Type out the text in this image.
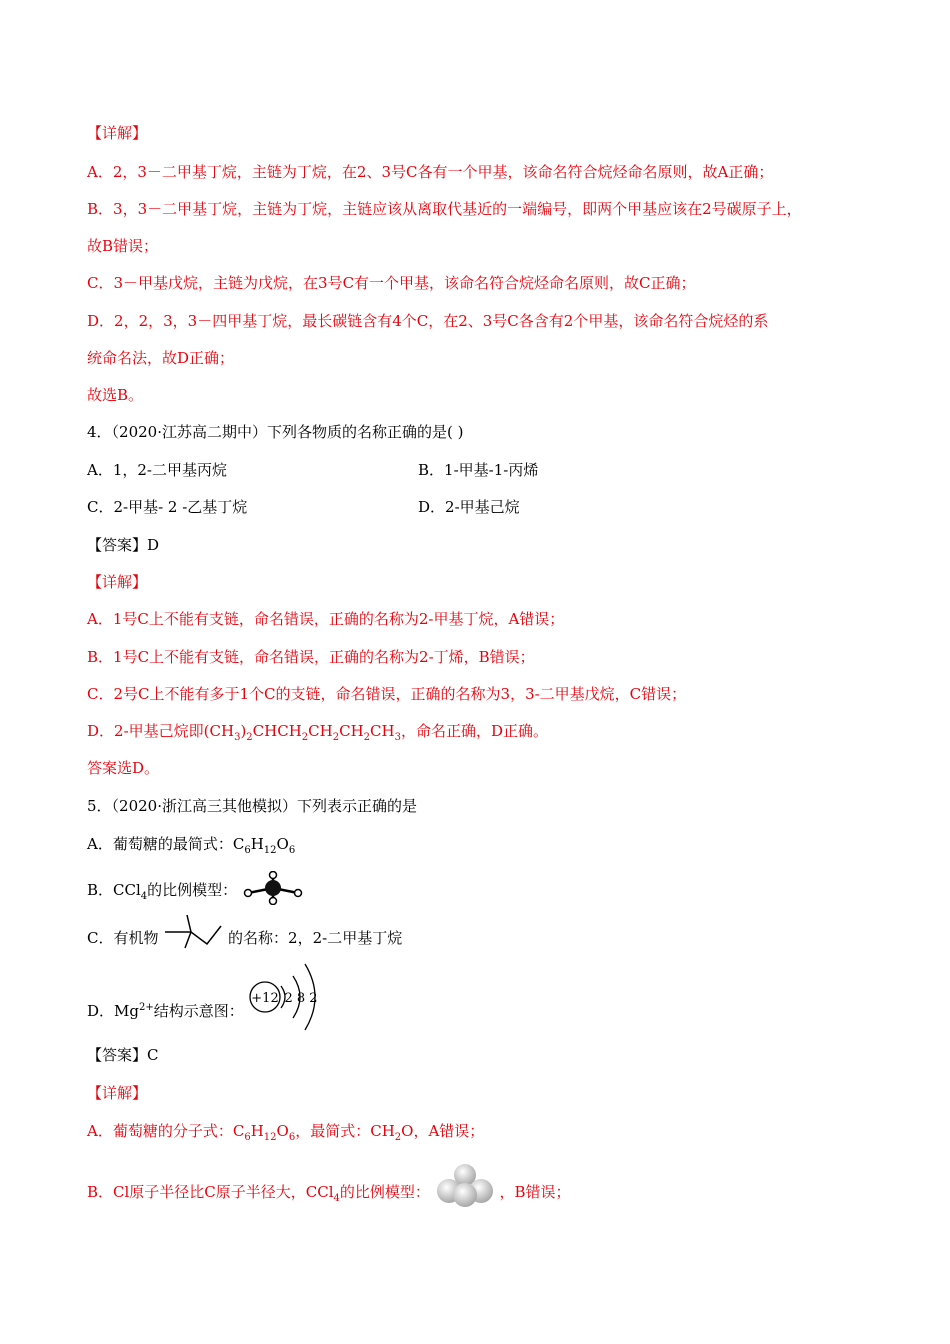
【详解】
A．2，3－二甲基丁烷，主链为丁烷，在2、3号C各有一个甲基，该命名符合烷烃命名原则，故A正确；
B．3，3－二甲基丁烷，主链为丁烷，主链应该从离取代基近的一端编号，即两个甲基应该在2号碳原子上，
故B错误；
C．3－甲基戊烷，主链为戊烷，在3号C有一个甲基，该命名符合烷烃命名原则，故C正确；
D．2，2，3，3－四甲基丁烷，最长碳链含有4个C，在2、3号C各含有2个甲基，该命名符合烷烃的系
统命名法，故D正确；
故选B。
4．（2020·江苏高二期中）下列各物质的名称正确的是( )
A．1，2-二甲基丙烷	B．1-甲基-1-丙烯
C．2-甲基- 2 -乙基丁烷	D．2-甲基己烷
【答案】D
【详解】
A．1号C上不能有支链，命名错误，正确的名称为2-甲基丁烷，A错误；
B．1号C上不能有支链，命名错误，正确的名称为2-丁烯，B错误；
C．2号C上不能有多于1个C的支链，命名错误，正确的名称为3，3-二甲基戊烷，C错误；
D．2-甲基己烷即$(CH_3)_2CHCH_2CH_2CH_2CH_3$，命名正确，D正确。
答案选D。
5．（2020·浙江高三其他模拟）下列表示正确的是
A．葡萄糖的最简式：$C_6H_{12}O_6$
B．CCl$_4$的比例模型：
C．有机物	的名称：2，2-二甲基丁烷
D．$Mg^{2+}$结构示意图：
+12 2 8 2
【答案】C
【详解】
A．葡萄糖的分子式：$C_6H_{12}O_6$，最简式：$CH_2O$，A错误；
B．Cl原子半径比C原子半径大，CCl$_4$的比例模型：	，B错误；
